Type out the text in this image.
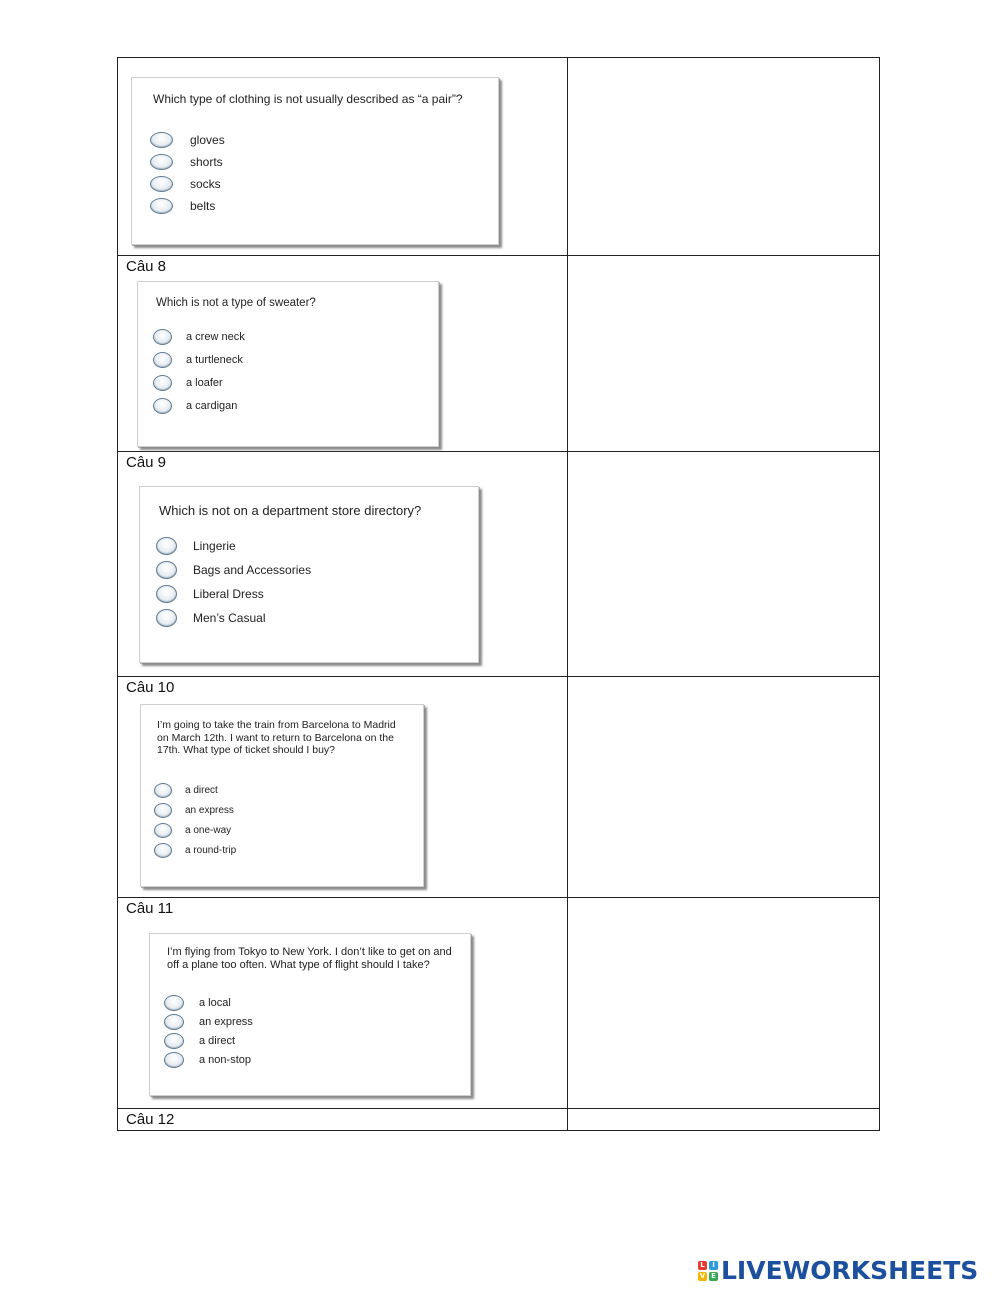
Câu 8
Câu 9
Câu 10
Câu 11
Câu 12
Which type of clothing is not usually described as “a pair”?
gloves
shorts
socks
belts
Which is not a type of sweater?
a crew neck
a turtleneck
a loafer
a cardigan
Which is not on a department store directory?
Lingerie
Bags and Accessories
Liberal Dress
Men’s Casual
I’m going to take the train from Barcelona to Madrid on March 12th. I want to return to Barcelona on the 17th. What type of ticket should I buy?
a direct
an express
a one-way
a round-trip
I’m flying from Tokyo to New York. I don’t like to get on and off a plane too often. What type of flight should I take?
a local
an express
a direct
a non-stop
L	I
V E LIVEWORKSHEETS
